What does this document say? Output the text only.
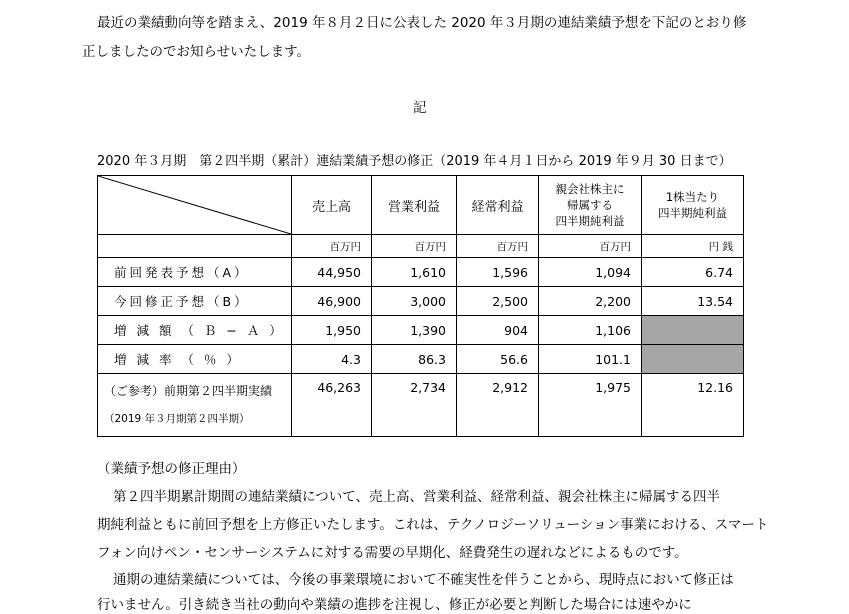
最近の業績動向等を踏まえ、2019 年８月２日に公表した 2020 年３月期の連結業績予想を下記のとおり修

正しましたのでお知らせいたします。

記

2020 年３月期　第２四半期（累計）連結業績予想の修正（2019 年４月１日から 2019 年９月 30 日まで）

	売上高	営業利益	経常利益	親会社株主に
帰属する
四半期純利益	1株当たり
四半期純利益
	百万円	百万円	百万円	百万円	円 銭
前回発表予想（A）	44,950	1,610	1,596	1,094	6.74
今回修正予想（B）	46,900	3,000	2,500	2,200	13.54
増 減 額 （ Ｂ − Ａ ）	1,950	1,390	904	1,106	
増 減 率 （ ％ ）	4.3	86.3	56.6	101.1	

（ご参考）前期第２四半期実績
（2019 年３月期第２四半期）	46,263	2,734	2,912	1,975	12.16

（業績予想の修正理由）

第２四半期累計期間の連結業績について、売上高、営業利益、経常利益、親会社株主に帰属する四半

期純利益ともに前回予想を上方修正いたします。これは、テクノロジーソリューション事業における、スマート

フォン向けペン・センサーシステムに対する需要の早期化、経費発生の遅れなどによるものです。

通期の連結業績については、今後の事業環境において不確実性を伴うことから、現時点において修正は

行いません。引き続き当社の動向や業績の進捗を注視し、修正が必要と判断した場合には速やかに
